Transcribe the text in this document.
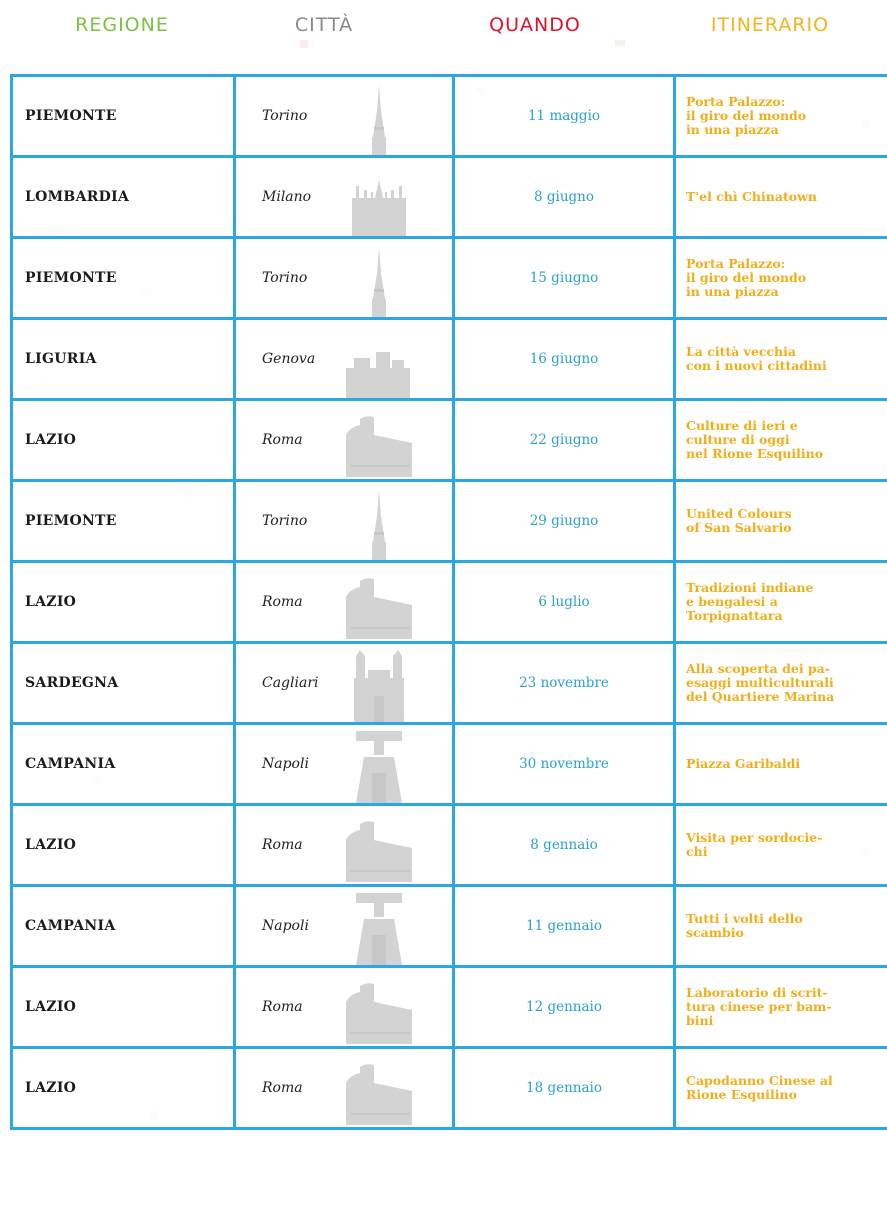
REGIONE	CITTÀ	QUANDO	ITINERARIO
PIEMONTE	Torino	11 maggio	Porta Palazzo:
il giro del mondo
in una piazza

LOMBARDIA	Milano	8 giugno	T'el chì Chinatown

PIEMONTE	Torino	15 giugno	Porta Palazzo:
il giro del mondo
in una piazza

LIGURIA	Genova	16 giugno	La città vecchia
con i nuovi cittadini

LAZIO	Roma	22 giugno	Culture di ieri e
culture di oggi
nel Rione Esquilino

PIEMONTE	Torino	29 giugno	United Colours
of San Salvario

LAZIO	Roma	6 luglio	Tradizioni indiane
e bengalesi a
Torpignattara

SARDEGNA	Cagliari	23 novembre	Alla scoperta dei pa-
esaggi multiculturali
del Quartiere Marina

CAMPANIA	Napoli	30 novembre	Piazza Garibaldi

LAZIO	Roma	8 gennaio	Visita per sordocie-
chi

CAMPANIA	Napoli	11 gennaio	Tutti i volti dello
scambio

LAZIO	Roma	12 gennaio	Laboratorio di scrit-
tura cinese per bam-
bini

LAZIO	Roma	18 gennaio	Capodanno Cinese al
Rione Esquilino
